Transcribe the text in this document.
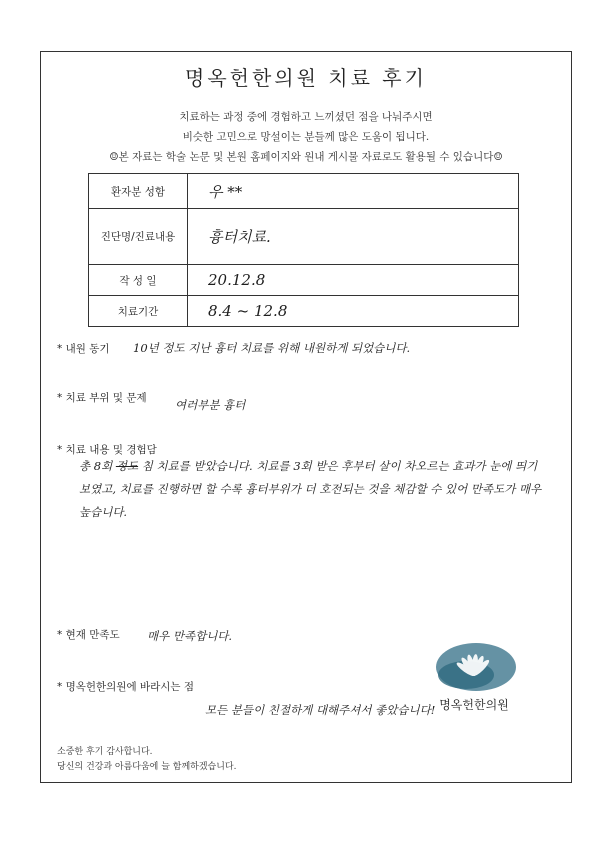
명옥헌한의원 치료 후기
치료하는 과정 중에 경험하고 느끼셨던 점을 나눠주시면
비슷한 고민으로 망설이는 분들께 많은 도움이 됩니다.
☺본 자료는 학술 논문 및 본원 홈페이지와 원내 게시물 자료로도 활용될 수 있습니다☺
환자분 성함	우 **
진단명/진료내용	흉터치료.
작 성 일	20.12.8
치료기간	8.4 ~ 12.8
* 내원 동기 10년 정도 지난 흉터 치료를 위해 내원하게 되었습니다.
* 치료 부위 및 문제 여러부분 흉터
* 치료 내용 및 경험담
총 8회 정도 침 치료를 받았습니다. 치료를 3회 받은 후부터 살이 차오르는 효과가 눈에 띄기
보였고, 치료를 진행하면 할 수록 흉터부위가 더 호전되는 것을 체감할 수 있어 만족도가 매우
높습니다.
* 현재 만족도 매우 만족합니다.
* 명옥헌한의원에 바라시는 점
모든 분들이 친절하게 대해주셔서 좋았습니다!
소중한 후기 감사합니다.
당신의 건강과 아름다움에 늘 함께하겠습니다.
명옥헌한의원
